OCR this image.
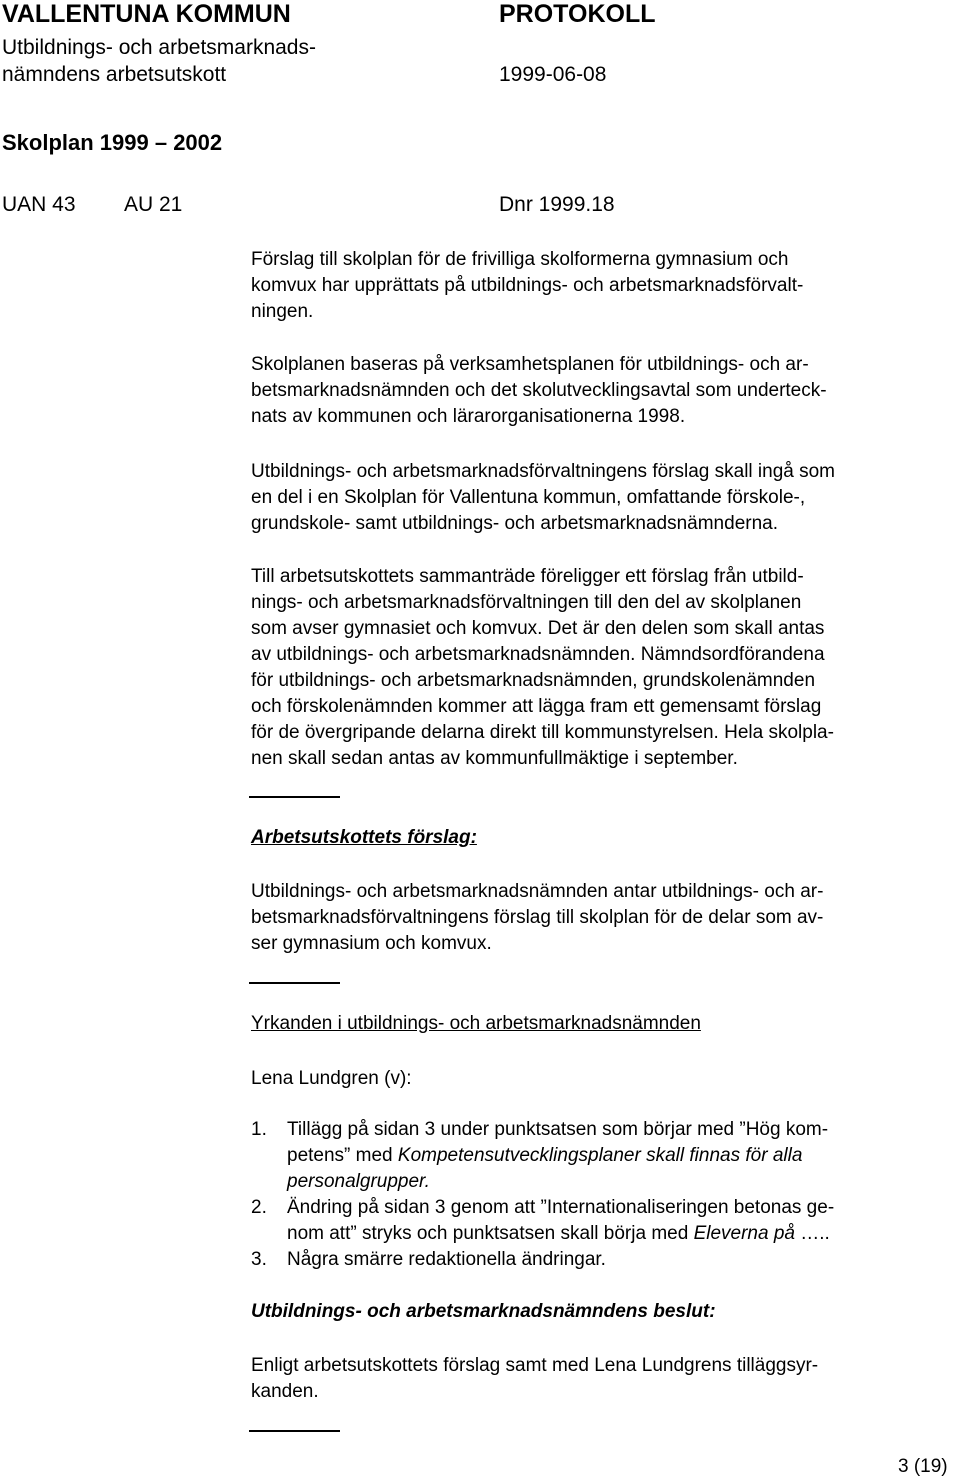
VALLENTUNA KOMMUN	PROTOKOLL
Utbildnings- och arbetsmarknads-
nämndens arbetsutskott	1999-06-08
Skolplan 1999 – 2002
UAN 43 AU 21	Dnr 1999.18
Förslag till skolplan för de frivilliga skolformerna gymnasium och
komvux har upprättats på utbildnings- och arbetsmarknadsförvalt-
ningen.
Skolplanen baseras på verksamhetsplanen för utbildnings- och ar-
betsmarknadsnämnden och det skolutvecklingsavtal som underteck-
nats av kommunen och lärarorganisationerna 1998.
Utbildnings- och arbetsmarknadsförvaltningens förslag skall ingå som
en del i en Skolplan för Vallentuna kommun, omfattande förskole-,
grundskole- samt utbildnings- och arbetsmarknadsnämnderna.
Till arbetsutskottets sammanträde föreligger ett förslag från utbild-
nings- och arbetsmarknadsförvaltningen till den del av skolplanen
som avser gymnasiet och komvux. Det är den delen som skall antas
av utbildnings- och arbetsmarknadsnämnden. Nämndsordförandena
för utbildnings- och arbetsmarknadsnämnden, grundskolenämnden
och förskolenämnden kommer att lägga fram ett gemensamt förslag
för de övergripande delarna direkt till kommunstyrelsen. Hela skolpla-
nen skall sedan antas av kommunfullmäktige i september.
Arbetsutskottets förslag:
Utbildnings- och arbetsmarknadsnämnden antar utbildnings- och ar-
betsmarknadsförvaltningens förslag till skolplan för de delar som av-
ser gymnasium och komvux.
Yrkanden i utbildnings- och arbetsmarknadsnämnden
Lena Lundgren (v):
1. Tillägg på sidan 3 under punktsatsen som börjar med ”Hög kom-
petens” med Kompetensutvecklingsplaner skall finnas för alla
personalgrupper.
2. Ändring på sidan 3 genom att ”Internationaliseringen betonas ge-
nom att” stryks och punktsatsen skall börja med Eleverna på …..
3. Några smärre redaktionella ändringar.
Utbildnings- och arbetsmarknadsnämndens beslut:
Enligt arbetsutskottets förslag samt med Lena Lundgrens tilläggsyr-
kanden.
3 (19)
